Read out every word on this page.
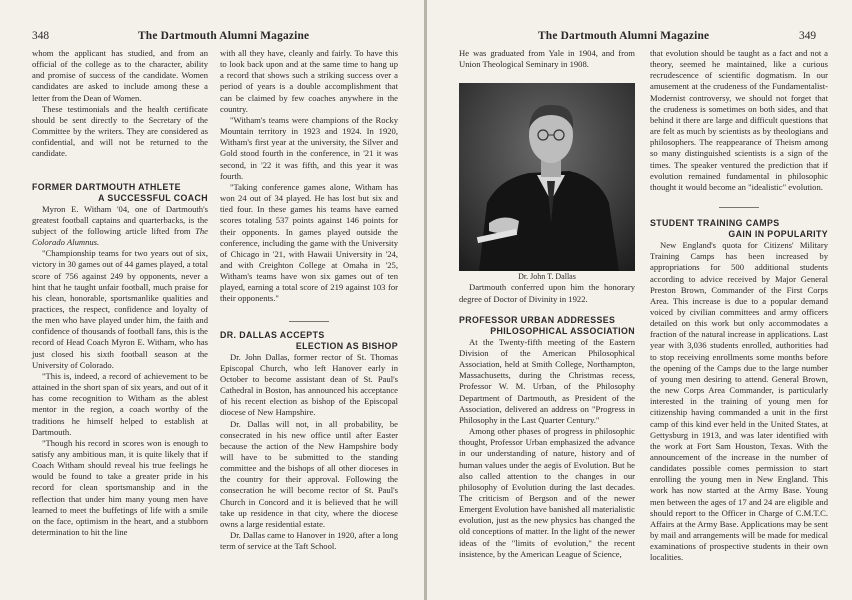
348	The Dartmouth Alumni Magazine

whom the applicant has studied, and from an official of the college as to the character, ability and promise of success of the candidate. Women candidates are asked to include among these a letter from the Dean of Women.

These testimonials and the health certificate should be sent directly to the Secretary of the Committee by the writers. They are considered as confidential, and will not be returned to the candidate.

FORMER DARTMOUTH ATHLETE
A SUCCESSFUL COACH

Myron E. Witham '04, one of Dartmouth's greatest football captains and quarterbacks, is the subject of the following article lifted from The Colorado Alumnus.

"Championship teams for two years out of six, victory in 30 games out of 44 games played, a total score of 756 against 249 by opponents, never a hint that he taught unfair football, much praise for his clean, honorable, sportsmanlike qualities and practices, the respect, confidence and loyalty of the men who have played under him, the faith and confidence of thousands of football fans, this is the record of Head Coach Myron E. Witham, who has just closed his sixth football season at the University of Colorado.

"This is, indeed, a record of achievement to be attained in the short span of six years, and out of it has come recognition to Witham as the ablest mentor in the region, a coach worthy of the traditions he himself helped to establish at Dartmouth.

"Though his record in scores won is enough to satisfy any ambitious man, it is quite likely that if Coach Witham should reveal his true feelings he would be found to take a greater pride in his record for clean sportsmanship and in the reflection that under him many young men have learned to meet the buffetings of life with a smile on the face, optimism in the heart, and a stubborn determination to hit the line

with all they have, cleanly and fairly. To have this to look back upon and at the same time to hang up a record that shows such a striking success over a period of years is a double accomplishment that can be claimed by few coaches anywhere in the country.

"Witham's teams were champions of the Rocky Mountain territory in 1923 and 1924. In 1920, Witham's first year at the university, the Silver and Gold stood fourth in the conference, in '21 it was second, in '22 it was fifth, and this year it was fourth.

"Taking conference games alone, Witham has won 24 out of 34 played. He has lost but six and tied four. In these games his teams have earned scores totaling 537 points against 146 points for their opponents. In games played outside the conference, including the game with the University of Chicago in '21, with Hawaii University in '24, and with Creighton College at Omaha in '25, Witham's teams have won six games out of ten played, earning a total score of 219 against 103 for their opponents."

DR. DALLAS ACCEPTS
ELECTION AS BISHOP

Dr. John Dallas, former rector of St. Thomas Episcopal Church, who left Hanover early in October to become assistant dean of St. Paul's Cathedral in Boston, has announced his acceptance of his recent election as bishop of the Episcopal diocese of New Hampshire.

Dr. Dallas will not, in all probability, be consecrated in his new office until after Easter because the action of the New Hampshire body will have to be submitted to the standing committee and the bishops of all other dioceses in the country for their approval. Following the consecration he will become rector of St. Paul's Church in Concord and it is believed that he will take up residence in that city, where the diocese owns a large residential estate.

Dr. Dallas came to Hanover in 1920, after a long term of service at the Taft School.

The Dartmouth Alumni Magazine	349

He was graduated from Yale in 1904, and from Union Theological Seminary in 1908.

Dr. John T. Dallas

Dartmouth conferred upon him the honorary degree of Doctor of Divinity in 1922.

PROFESSOR URBAN ADDRESSES
PHILOSOPHICAL ASSOCIATION

At the Twenty-fifth meeting of the Eastern Division of the American Philosophical Association, held at Smith College, Northampton, Massachusetts, during the Christmas recess, Professor W. M. Urban, of the Philosophy Department of Dartmouth, as President of the Association, delivered an address on "Progress in Philosophy in the Last Quarter Century."

Among other phases of progress in philosophic thought, Professor Urban emphasized the advance in our understanding of nature, history and of human values under the aegis of Evolution. But he also called attention to the changes in our philosophy of Evolution during the last decades. The criticism of Bergson and of the newer Emergent Evolution have banished all materialistic evolution, just as the new physics has changed the old conceptions of matter. In the light of the newer ideas of the "limits of evolution," the recent insistence, by the American League of Science,

that evolution should be taught as a fact and not a theory, seemed he maintained, like a curious recrudescence of scientific dogmatism. In our amusement at the crudeness of the Fundamentalist-Modernist controversy, we should not forget that the crudeness is sometimes on both sides, and that behind it there are large and difficult questions that are felt as much by scientists as by theologians and philosophers. The reappearance of Theism among so many distinguished scientists is a sign of the times. The speaker ventured the prediction that if evolution remained fundamental in philosophic thought it would become an "idealistic" evolution.

STUDENT TRAINING CAMPS
GAIN IN POPULARITY

New England's quota for Citizens' Military Training Camps has been increased by appropriations for 500 additional students according to advice received by Major General Preston Brown, Commander of the First Corps Area. This increase is due to a popular demand voiced by civilian committees and army officers detailed on this work but only accommodates a fraction of the natural increase in applications. Last year with 3,036 students enrolled, authorities had to stop receiving enrollments some months before the opening of the Camps due to the large number of young men desiring to attend. General Brown, the new Corps Area Commander, is particularly interested in the training of young men for citizenship having commanded a unit in the first camp of this kind ever held in the United States, at Gettysburg in 1913, and was later identified with the work at Fort Sam Houston, Texas. With the announcement of the increase in the number of candidates possible comes permission to start enrolling the young men in New England. This work has now started at the Army Base. Young men between the ages of 17 and 24 are eligible and should report to the Officer in Charge of C.M.T.C. Affairs at the Army Base. Applications may be sent by mail and arrangements will be made for medical examinations of prospective students in their own localities.
